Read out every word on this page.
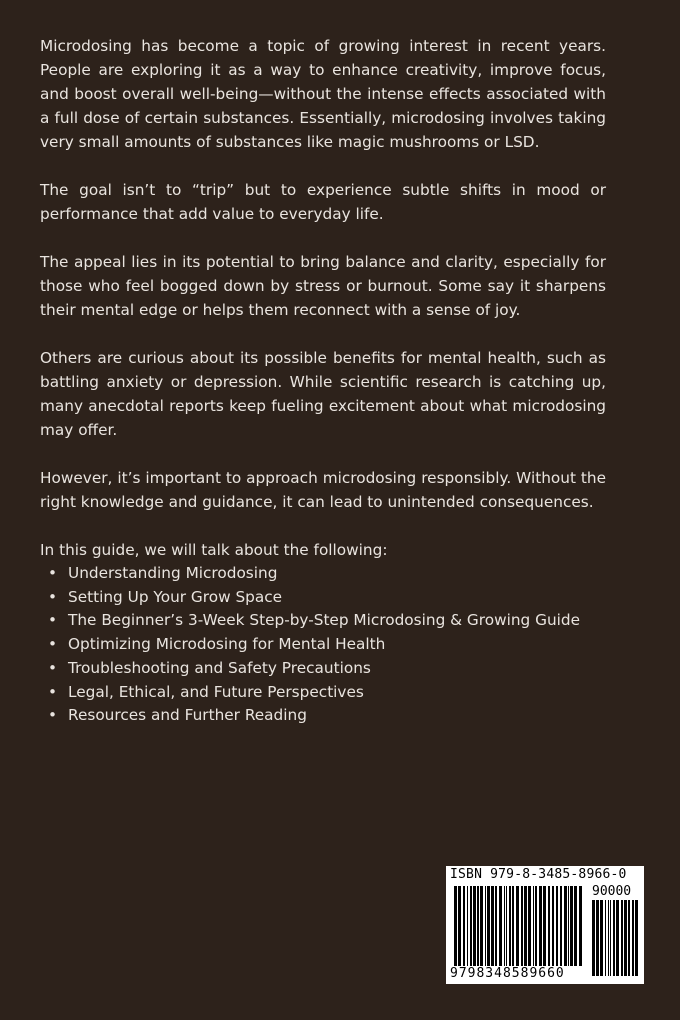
Microdosing has become a topic of growing interest in recent years. People are exploring it as a way to enhance creativity, improve focus, and boost overall well-being—without the intense effects associated with a full dose of certain substances. Essentially, microdosing involves taking very small amounts of substances like magic mushrooms or LSD.

The goal isn’t to “trip” but to experience subtle shifts in mood or performance that add value to everyday life.

The appeal lies in its potential to bring balance and clarity, especially for those who feel bogged down by stress or burnout. Some say it sharpens their mental edge or helps them reconnect with a sense of joy.

Others are curious about its possible benefits for mental health, such as battling anxiety or depression. While scientific research is catching up, many anecdotal reports keep fueling excitement about what microdosing may offer.

However, it’s important to approach microdosing responsibly. Without the right knowledge and guidance, it can lead to unintended consequences.

In this guide, we will talk about the following:

• Understanding Microdosing
• Setting Up Your Grow Space
• The Beginner’s 3-Week Step-by-Step Microdosing & Growing Guide
• Optimizing Microdosing for Mental Health
• Troubleshooting and Safety Precautions
• Legal, Ethical, and Future Perspectives
• Resources and Further Reading
ISBN 979-8-3485-8966-0
90000
9798348589660
